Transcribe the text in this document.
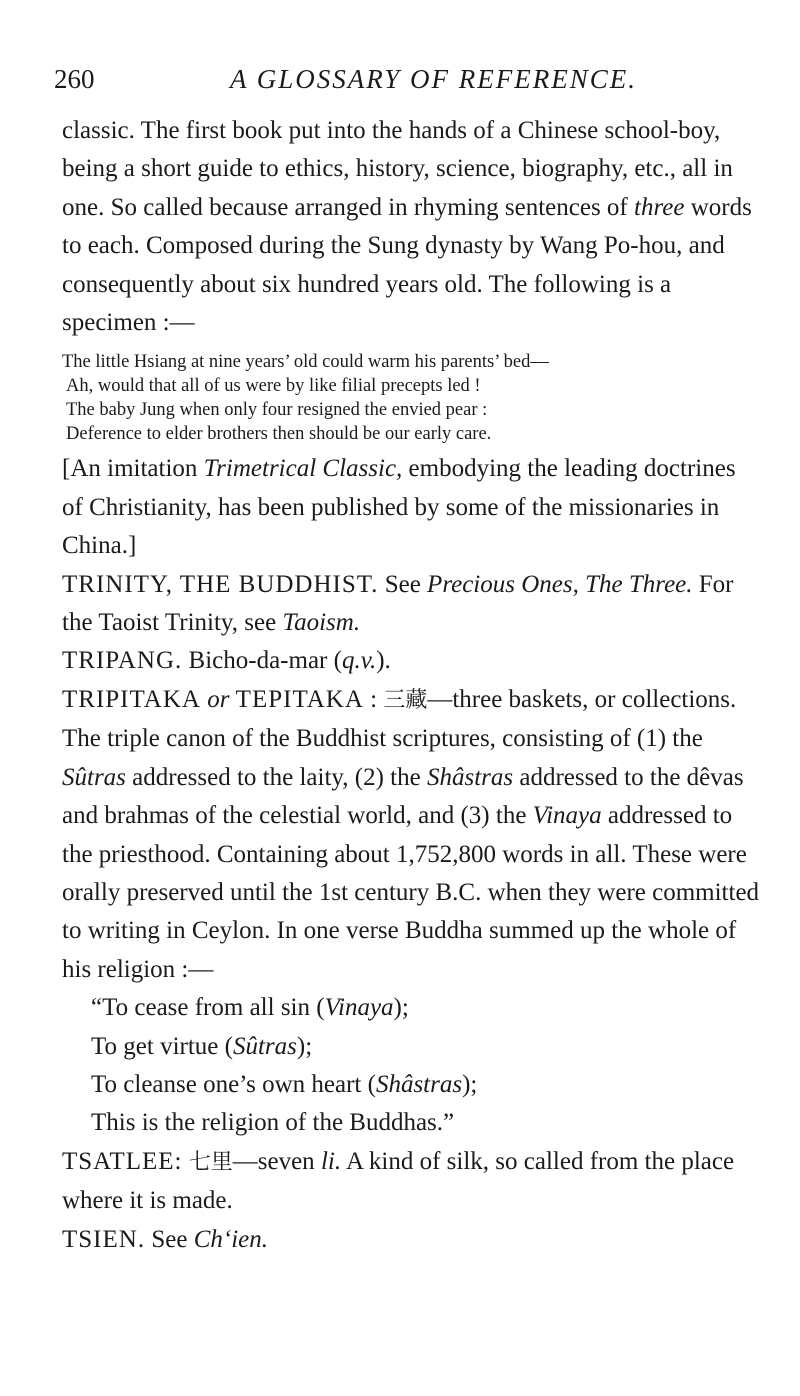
260	A GLOSSARY OF REFERENCE.

classic. The first book put into the hands of a Chinese school-boy, being a short guide to ethics, history, science, biography, etc., all in one. So called because arranged in rhyming sentences of three words to each. Composed during the Sung dynasty by Wang Po-hou, and consequently about six hundred years old. The following is a specimen :—

The little Hsiang at nine years’ old could warm his parents’ bed—
Ah, would that all of us were by like filial precepts led !
The baby Jung when only four resigned the envied pear :
Deference to elder brothers then should be our early care.

[An imitation Trimetrical Classic, embodying the leading doctrines of Christianity, has been published by some of the missionaries in China.]

TRINITY, THE BUDDHIST. See Precious Ones, The Three. For the Taoist Trinity, see Taoism.

TRIPANG. Bicho-da-mar (q.v.).

TRIPITAKA or TEPITAKA : 三藏—three baskets, or collections. The triple canon of the Buddhist scriptures, consisting of (1) the Sûtras addressed to the laity, (2) the Shâstras addressed to the dêvas and brahmas of the celestial world, and (3) the Vinaya addressed to the priesthood. Containing about 1,752,800 words in all. These were orally preserved until the 1st century B.C. when they were committed to writing in Ceylon. In one verse Buddha summed up the whole of his religion :—

“To cease from all sin (Vinaya);
To get virtue (Sûtras);
To cleanse one’s own heart (Shâstras);
This is the religion of the Buddhas.”

TSATLEE: 七里—seven li. A kind of silk, so called from the place where it is made.

TSIEN. See Ch‘ien.
